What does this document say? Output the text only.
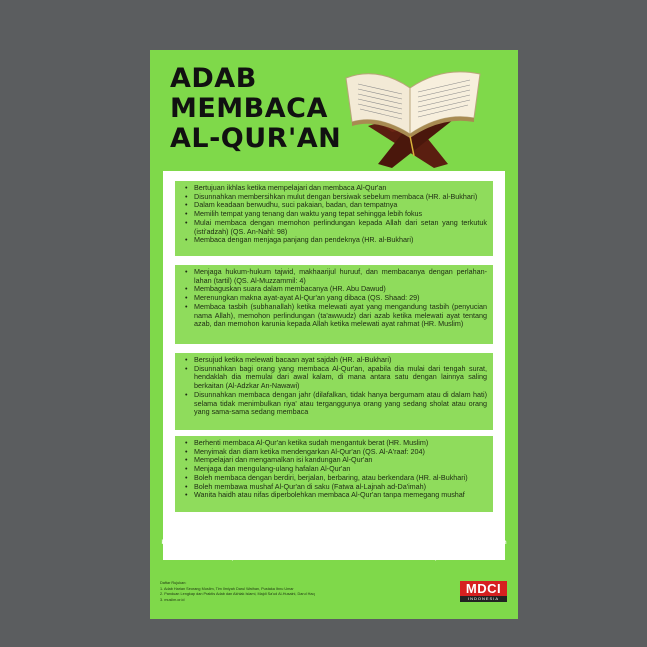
ADAB
MEMBACA
AL-QUR'AN
• Bertujuan ikhlas ketika mempelajari dan membaca Al-Qur'an
• Disunnahkan membersihkan mulut dengan bersiwak sebelum membaca (HR. al-Bukhari)
• Dalam keadaan berwudhu, suci pakaian, badan, dan tempatnya
• Memilih tempat yang tenang dan waktu yang tepat sehingga lebih fokus
• Mulai membaca dengan memohon perlindungan kepada Allah dari setan yang terkutuk (isti'adzah) (QS. An-Nahl: 98)
• Membaca dengan menjaga panjang dan pendeknya (HR. al-Bukhari)
• Menjaga hukum-hukum tajwid, makhaarijul huruuf, dan membacanya dengan perlahan-lahan (tartil) (QS. Al-Muzzammil: 4)
• Membaguskan suara dalam membacanya (HR. Abu Dawud)
• Merenungkan makna ayat-ayat Al-Qur'an yang dibaca (QS. Shaad: 29)
• Membaca tasbih (subhanallah) ketika melewati ayat yang mengandung tasbih (penyucian nama Allah), memohon perlindungan (ta'awwudz) dari azab ketika melewati ayat tentang azab, dan memohon karunia kepada Allah ketika melewati ayat rahmat (HR. Muslim)
• Bersujud ketika melewati bacaan ayat sajdah (HR. al-Bukhari)
• Disunnahkan bagi orang yang membaca Al-Qur'an, apabila dia mulai dari tengah surat, hendaklah dia memulai dari awal kalam, di mana antara satu dengan lainnya saling berkaitan (Al-Adzkar An-Nawawi)
• Disunnahkan membaca dengan jahr (dilafalkan, tidak hanya bergumam atau di dalam hati) selama tidak menimbulkan riya' atau terganggunya orang yang sedang sholat atau orang yang sama-sama sedang membaca
• Berhenti membaca Al-Qur'an ketika sudah mengantuk berat (HR. Muslim)
• Menyimak dan diam ketika mendengarkan Al-Qur'an (QS. Al-A'raaf: 204)
• Mempelajari dan mengamalkan isi kandungan Al-Qur'an
• Menjaga dan mengulang-ulang hafalan Al-Qur'an
• Boleh membaca dengan berdiri, berjalan, berbaring, atau berkendara (HR. al-Bukhari)
• Boleh membawa mushaf Al-Qur'an di saku (Fatwa al-Lajnah ad-Da'imah)
• Wanita haidh atau nifas diperbolehkan membaca Al-Qur'an tanpa memegang mushaf
Abdullah bin Mas'ud radhiyallahu 'anhu berkata,
"Rasulullah shallallahu 'alaihi wasallam bersabda, "Siapa yang membaca satu huruf dari Al-Quran maka baginya satu kebaikan dengan bacaan tersebut, satu kebaikan dilipatkan menjadi 10 kebaikan semisalnya dan aku tidak mengatakan alif laam miim satu huruf akan tetapi Alif satu huruf, Laam satu huruf dan Miim satu huruf.""
(HR. Tirmidzi dan dishahihkan di dalam kitab Shahih Al Jami', no. 6469)
Daftar Rujukan:
1. Adab Harian Seorang Muslim, Tim Ilmiyah Darul Wathan, Pustaka Ibnu Umar
2. Panduan Lengkap dan Praktis Adab dan Akhlak Islami, Majdi Sa'ud Al-Husaini, Darul Haq
3. muslim.or.id
MDCI
INDONESIA
